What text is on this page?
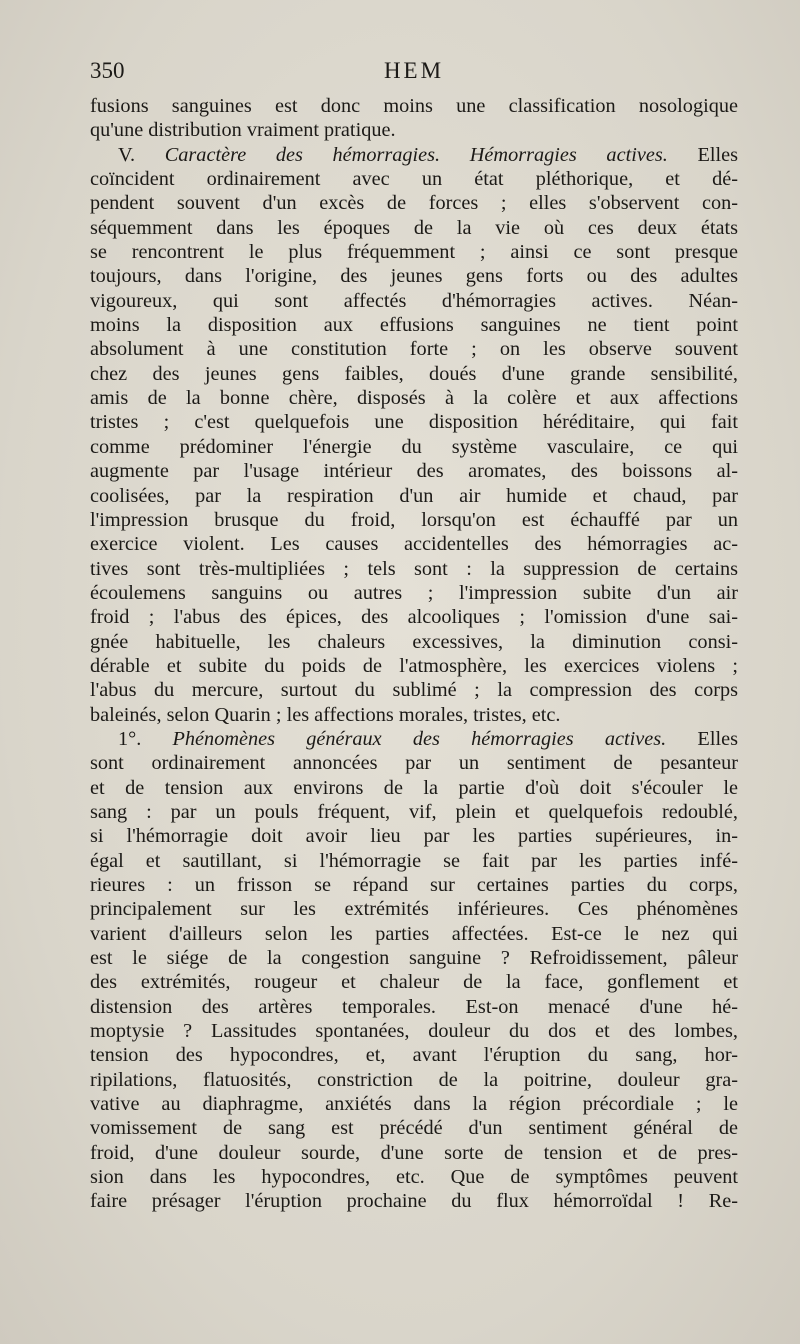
350	HEM
fusions sanguines est donc moins une classification nosologique
qu'une distribution vraiment pratique.
V. Caractère des hémorragies. Hémorragies actives. Elles
coïncident ordinairement avec un état pléthorique, et dé-
pendent souvent d'un excès de forces ; elles s'observent con-
séquemment dans les époques de la vie où ces deux états
se rencontrent le plus fréquemment ; ainsi ce sont presque
toujours, dans l'origine, des jeunes gens forts ou des adultes
vigoureux, qui sont affectés d'hémorragies actives. Néan-
moins la disposition aux effusions sanguines ne tient point
absolument à une constitution forte ; on les observe souvent
chez des jeunes gens faibles, doués d'une grande sensibilité,
amis de la bonne chère, disposés à la colère et aux affections
tristes ; c'est quelquefois une disposition héréditaire, qui fait
comme prédominer l'énergie du système vasculaire, ce qui
augmente par l'usage intérieur des aromates, des boissons al-
coolisées, par la respiration d'un air humide et chaud, par
l'impression brusque du froid, lorsqu'on est échauffé par un
exercice violent. Les causes accidentelles des hémorragies ac-
tives sont très-multipliées ; tels sont : la suppression de certains
écoulemens sanguins ou autres ; l'impression subite d'un air
froid ; l'abus des épices, des alcooliques ; l'omission d'une sai-
gnée habituelle, les chaleurs excessives, la diminution consi-
dérable et subite du poids de l'atmosphère, les exercices violens ;
l'abus du mercure, surtout du sublimé ; la compression des corps
baleinés, selon Quarin ; les affections morales, tristes, etc.
1°. Phénomènes généraux des hémorragies actives. Elles
sont ordinairement annoncées par un sentiment de pesanteur
et de tension aux environs de la partie d'où doit s'écouler le
sang : par un pouls fréquent, vif, plein et quelquefois redoublé,
si l'hémorragie doit avoir lieu par les parties supérieures, in-
égal et sautillant, si l'hémorragie se fait par les parties infé-
rieures : un frisson se répand sur certaines parties du corps,
principalement sur les extrémités inférieures. Ces phénomènes
varient d'ailleurs selon les parties affectées. Est-ce le nez qui
est le siége de la congestion sanguine ? Refroidissement, pâleur
des extrémités, rougeur et chaleur de la face, gonflement et
distension des artères temporales. Est-on menacé d'une hé-
moptysie ? Lassitudes spontanées, douleur du dos et des lombes,
tension des hypocondres, et, avant l'éruption du sang, hor-
ripilations, flatuosités, constriction de la poitrine, douleur gra-
vative au diaphragme, anxiétés dans la région précordiale ; le
vomissement de sang est précédé d'un sentiment général de
froid, d'une douleur sourde, d'une sorte de tension et de pres-
sion dans les hypocondres, etc. Que de symptômes peuvent
faire présager l'éruption prochaine du flux hémorroïdal ! Re-
